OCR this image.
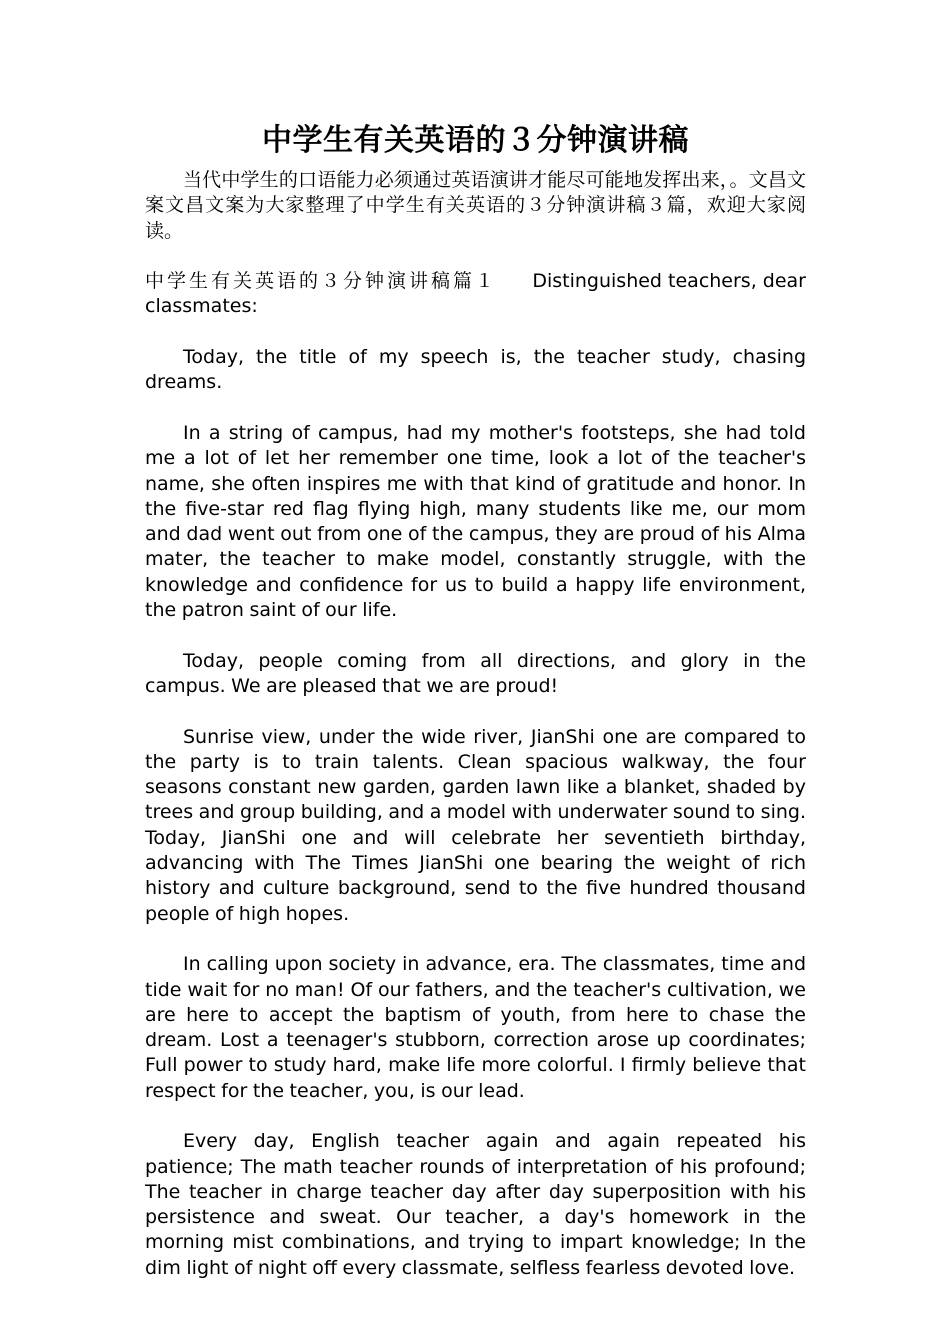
中学生有关英语的３分钟演讲稿

当代中学生的口语能力必须通过英语演讲才能尽可能地发挥出来，。文昌文案文昌文案为大家整理了中学生有关英语的３分钟演讲稿３篇，欢迎大家阅读。

中学生有关英语的３分钟演讲稿篇１ Distinguished teachers, dear

classmates:

Today, the title of my speech is, the teacher study, chasing dreams.

In a string of campus, had my mother's footsteps, she had told me a lot of let her remember one time, look a lot of the teacher's name, she often inspires me with that kind of gratitude and honor. In the five-star red flag flying high, many students like me, our mom and dad went out from one of the campus, they are proud of his Alma mater, the teacher to make model, constantly struggle, with the knowledge and confidence for us to build a happy life environment, the patron saint of our life.

Today, people coming from all directions, and glory in the campus. We are pleased that we are proud!

Sunrise view, under the wide river, JianShi one are compared to the party is to train talents. Clean spacious walkway, the four seasons constant new garden, garden lawn like a blanket, shaded by trees and group building, and a model with underwater sound to sing. Today, JianShi one and will celebrate her seventieth birthday, advancing with The Times JianShi one bearing the weight of rich history and culture background, send to the five hundred thousand people of high hopes.

In calling upon society in advance, era. The classmates, time and tide wait for no man! Of our fathers, and the teacher's cultivation, we are here to accept the baptism of youth, from here to chase the dream. Lost a teenager's stubborn, correction arose up coordinates; Full power to study hard, make life more colorful. I firmly believe that respect for the teacher, you, is our lead.

Every day, English teacher again and again repeated his patience; The math teacher rounds of interpretation of his profound; The teacher in charge teacher day after day superposition with his persistence and sweat. Our teacher, a day's homework in the morning mist combinations, and trying to impart knowledge; In the dim light of night off every classmate, selfless fearless devoted love.
